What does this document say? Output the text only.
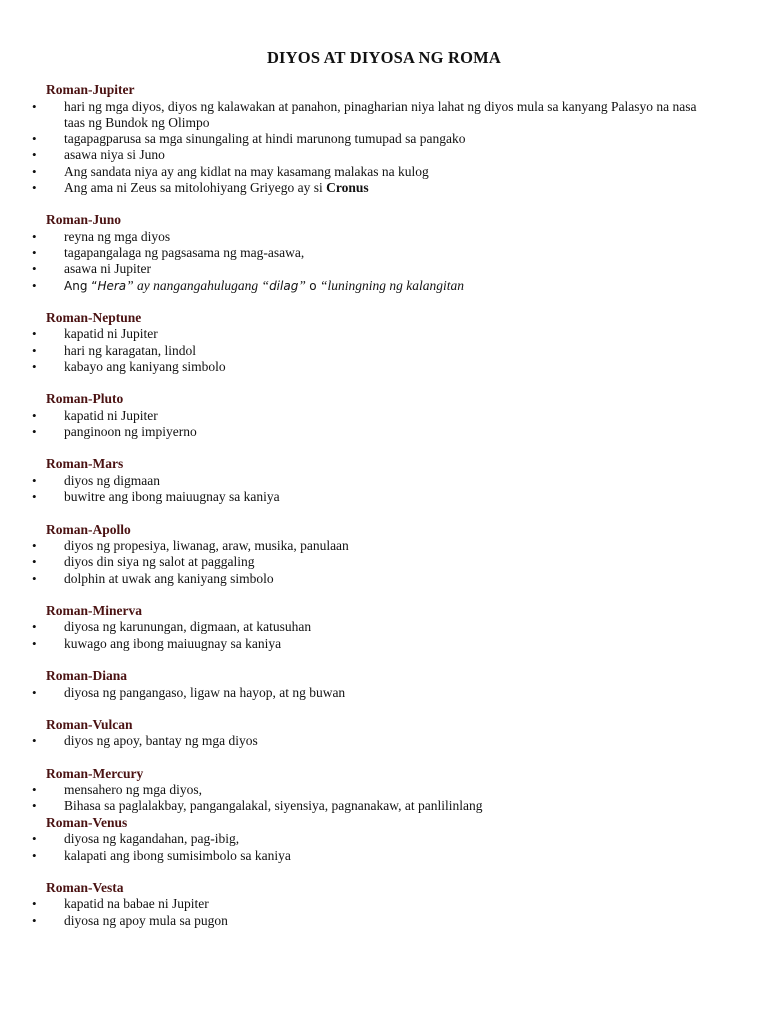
DIYOS AT DIYOSA NG ROMA
Roman-Jupiter
• hari ng mga diyos, diyos ng kalawakan at panahon, pinagharian niya lahat ng diyos mula sa kanyang Palasyo na nasa taas ng Bundok ng Olimpo
• tagapagparusa sa mga sinungaling at hindi marunong tumupad sa pangako
• asawa niya si Juno
• Ang sandata niya ay ang kidlat na may kasamang malakas na kulog
• Ang ama ni Zeus sa mitolohiyang Griyego ay si Cronus
Roman-Juno
• reyna ng mga diyos
• tagapangalaga ng pagsasama ng mag-asawa,
• asawa ni Jupiter
• Ang “Hera” ay nangangahulugang “dilag” o “luningning ng kalangitan
Roman-Neptune
• kapatid ni Jupiter
• hari ng karagatan, lindol
• kabayo ang kaniyang simbolo
Roman-Pluto
• kapatid ni Jupiter
• panginoon ng impiyerno
Roman-Mars
• diyos ng digmaan
• buwitre ang ibong maiuugnay sa kaniya
Roman-Apollo
• diyos ng propesiya, liwanag, araw, musika, panulaan
• diyos din siya ng salot at paggaling
• dolphin at uwak ang kaniyang simbolo
Roman-Minerva
• diyosa ng karunungan, digmaan, at katusuhan
• kuwago ang ibong maiuugnay sa kaniya
Roman-Diana
• diyosa ng pangangaso, ligaw na hayop, at ng buwan
Roman-Vulcan
• diyos ng apoy, bantay ng mga diyos
Roman-Mercury
• mensahero ng mga diyos,
• Bihasa sa paglalakbay, pangangalakal, siyensiya, pagnanakaw, at panlilinlang
Roman-Venus
• diyosa ng kagandahan, pag-ibig,
• kalapati ang ibong sumisimbolo sa kaniya
Roman-Vesta
• kapatid na babae ni Jupiter
• diyosa ng apoy mula sa pugon
